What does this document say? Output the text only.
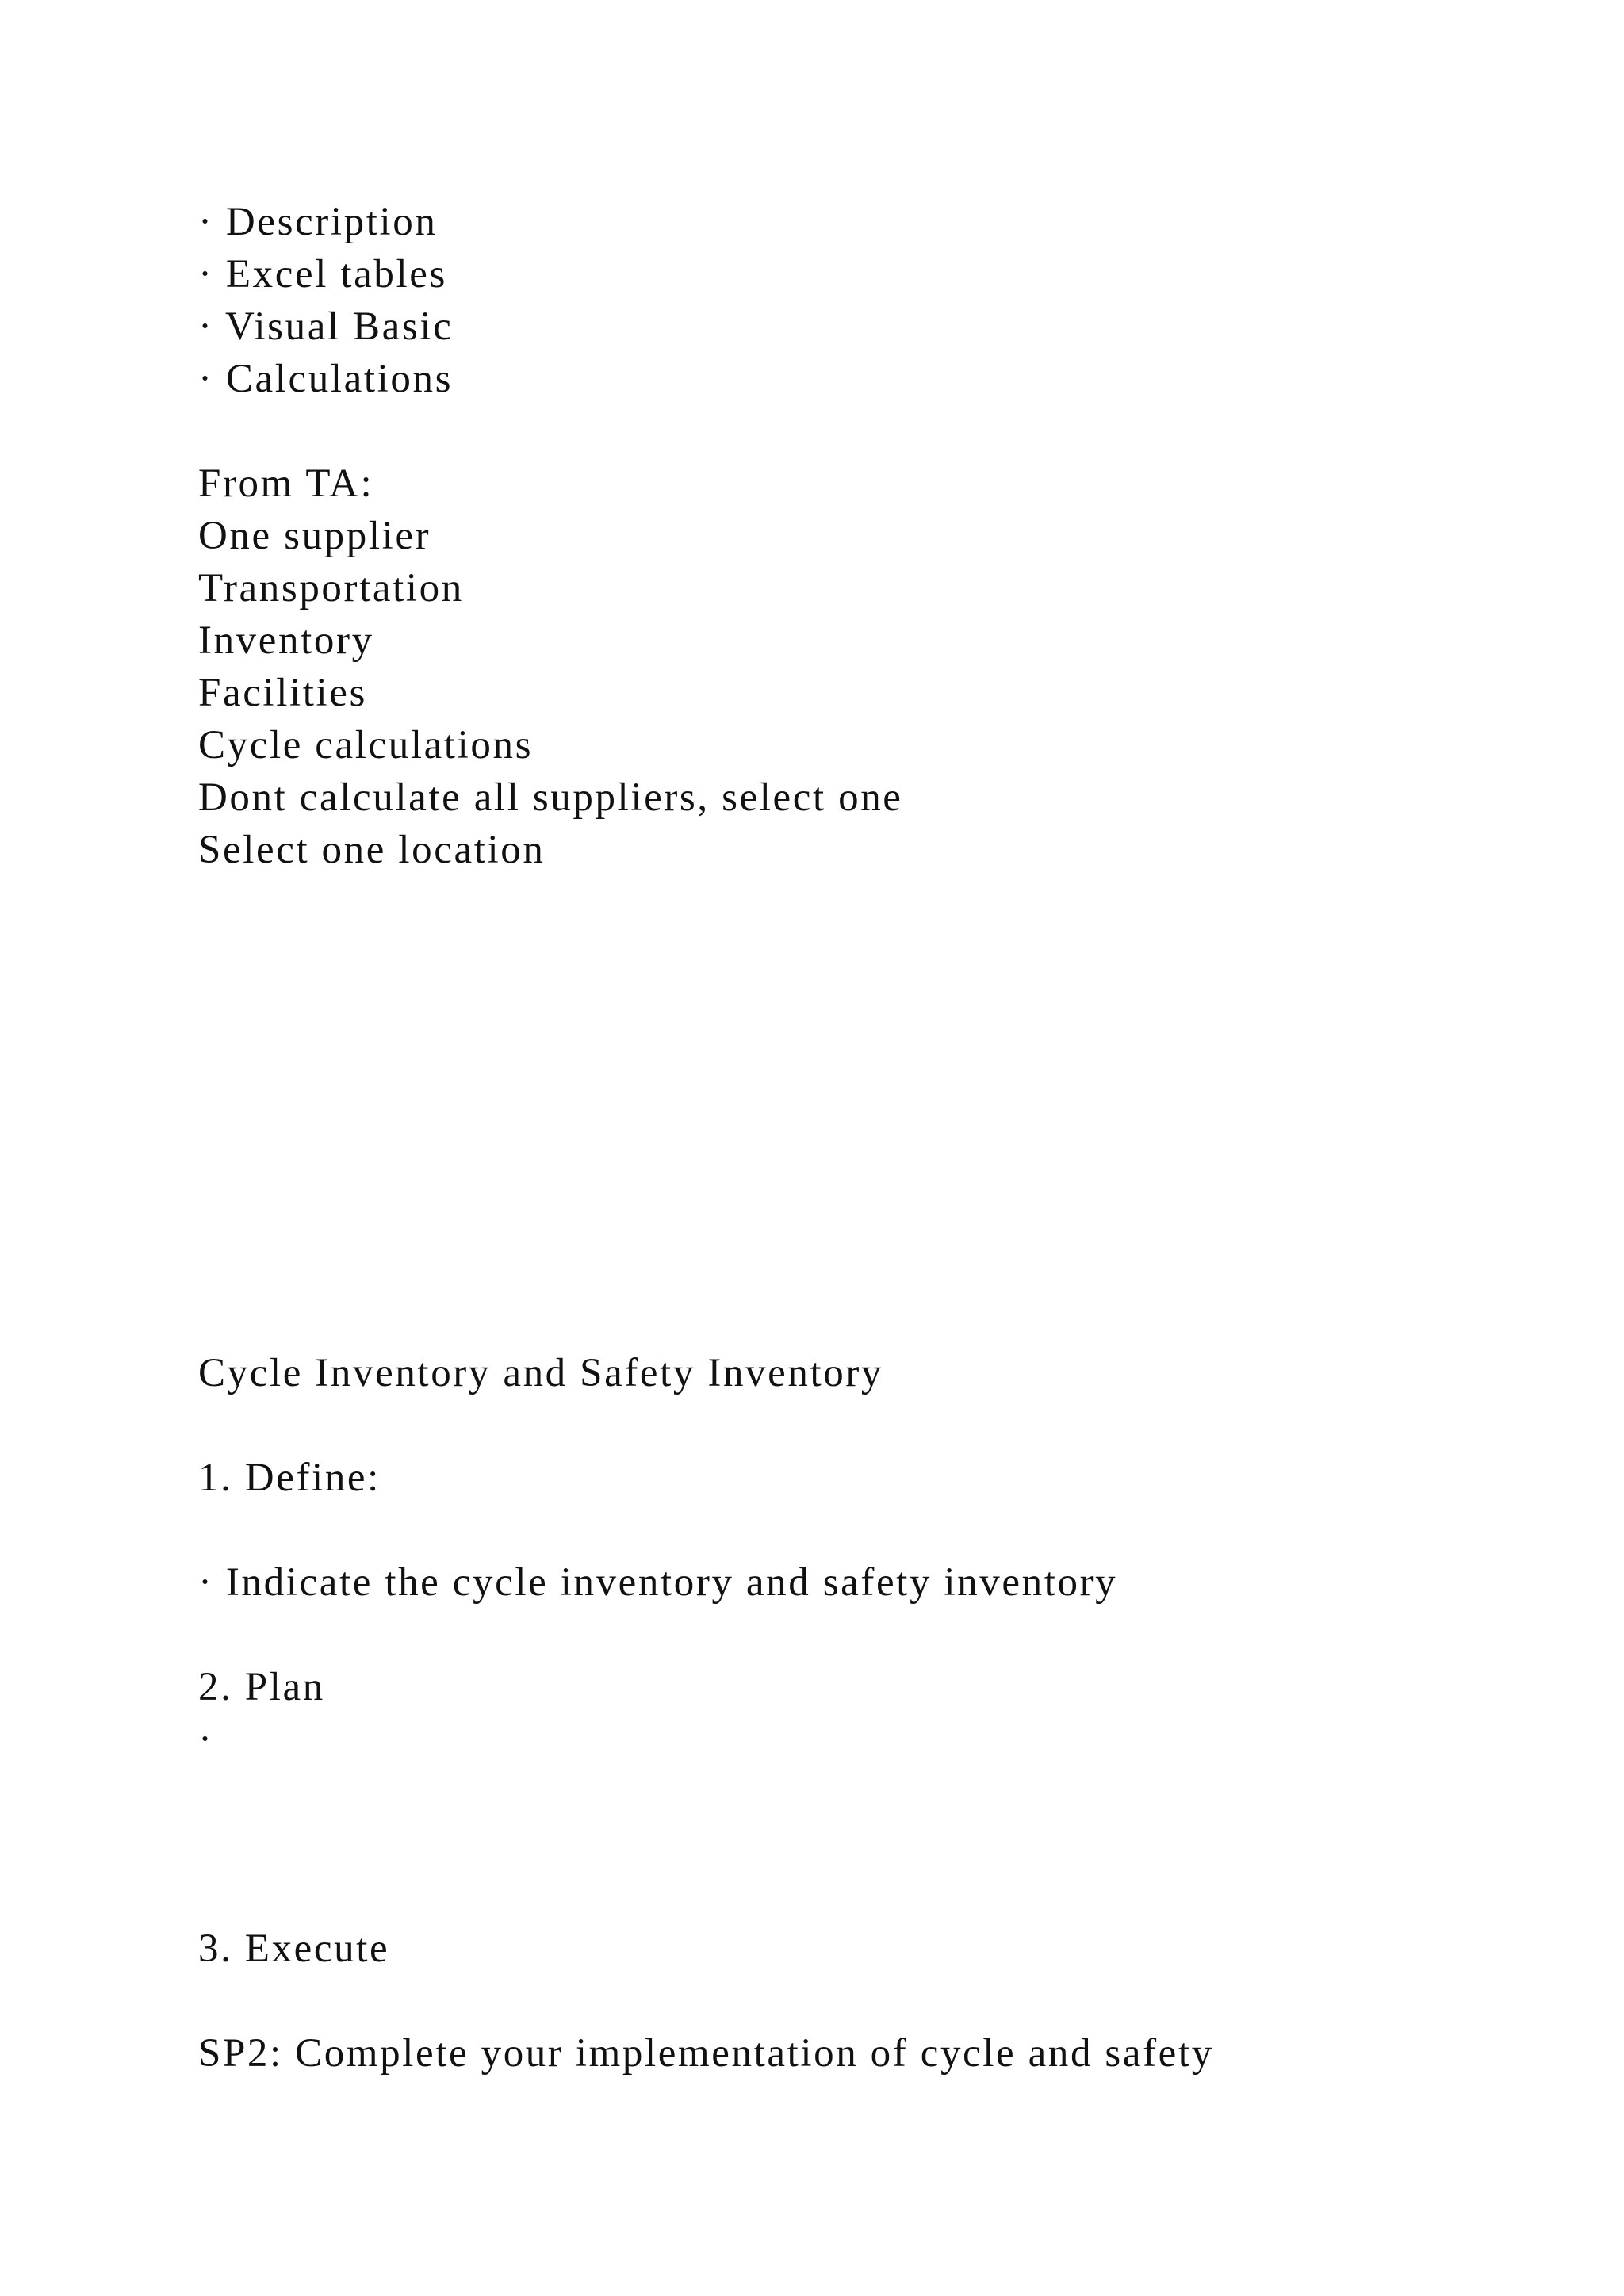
· Description

· Excel tables

· Visual Basic

· Calculations

From TA:

One supplier

Transportation

Inventory

Facilities

Cycle calculations

Dont calculate all suppliers, select one

Select one location

Cycle Inventory and Safety Inventory

1. Define:

· Indicate the cycle inventory and safety inventory

2. Plan

·

3. Execute

SP2: Complete your implementation of cycle and safety
